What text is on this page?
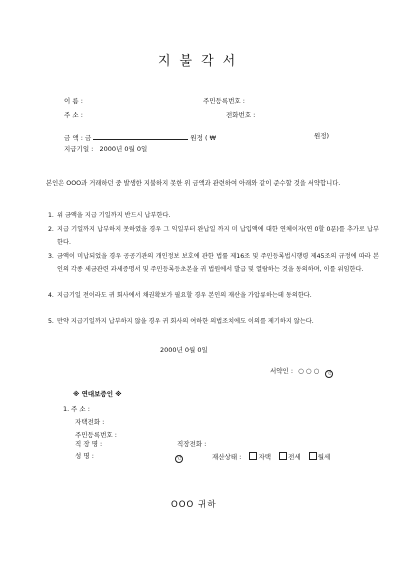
지불각서
이 름 :	주민등록번호 :
주 소 :	전화번호 :
금 액 : 금	원정 ( ₩	원정)
지급기일 : 2000년 0월 0일
본인은 OOO과 거래하던 중 발생한 지불하지 못한 위 금액과 관련하여 아래와 같이 준수할 것을 서약합니다.
1. 위 금액을 지급 기일까지 반드시 납부한다.
2. 지급 기일까지 납부하지 못하였을 경우 그 익일부터 완납일 까지 미 납입액에 대한 연체이자(연 0할 0푼)를 추가로 납부한다.
3. 금액이 미납되었을 경우 공공기관의 개인정보 보호에 관한 법률 제16조 및 주민등록법시행령 제45조의 규정에 따라 본인의 각종 세금관련 과세증명서 및 주민등록등초본을 귀 법원에서 발급 및 열람하는 것을 동의하며, 이를 위임한다.
4. 지급기일 전이라도 귀 회사에서 채권확보가 필요할 경우 본인의 재산을 가압류하는데 동의한다.
5. 만약 지급기일까지 납부하지 않을 경우 귀 회사의 여하한 의법조치에도 이의를 제기하지 않는다.
2000년 0월 0일
서약인 : ○ ○ ○ 인
※ 연대보증인 ※
1. 주 소 :
자택전화 :
주민등록번호 :
직 장 명 :	직장전화 :
성 명 :	인	재산상태 :	자택	전세	월세
OOO 귀하
